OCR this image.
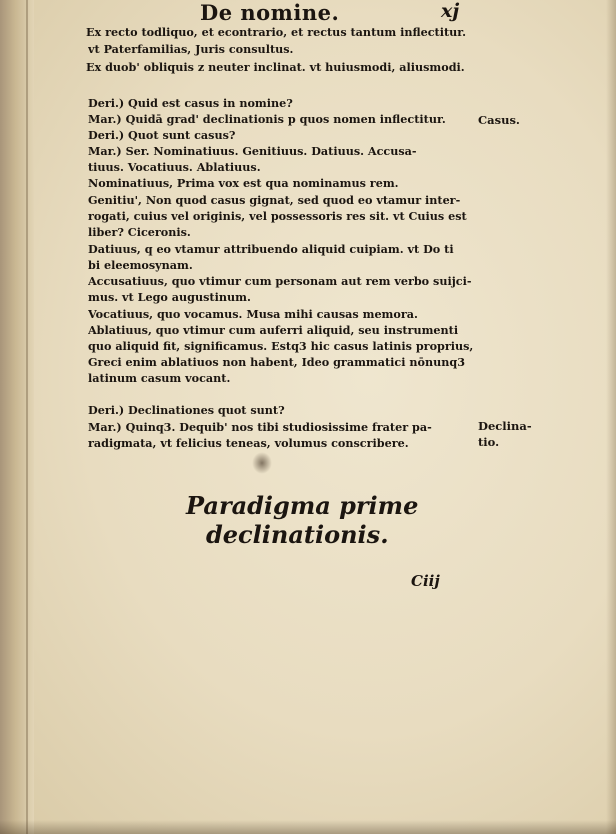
De nomine.	xj
Ex recto todliquo, et econtrario, et rectus tantum inflectitur.
vt Paterfamilias, Juris consultus.
Ex duob' obliquis z neuter inclinat. vt huiusmodi, aliusmodi.
Deri.) Quid est casus in nomine?
Mar.) Quidā grad' declinationis p quos nomen inflectitur.
Deri.) Quot sunt casus?
Mar.) Ser. Nominatiuus. Genitiuus. Datiuus. Accusa-
tiuus. Vocatiuus. Ablatiuus.
Nominatiuus, Prima vox est qua nominamus rem.
Genitiu', Non quod casus gignat, sed quod eo vtamur inter-
rogati, cuius vel originis, vel possessoris res sit. vt Cuius est
liber? Ciceronis.
Datiuus, q eo vtamur attribuendo aliquid cuipiam. vt Do ti
bi eleemosynam.
Accusatiuus, quo vtimur cum personam aut rem verbo suijci-
mus. vt Lego augustinum.
Vocatiuus, quo vocamus. Musa mihi causas memora.
Ablatiuus, quo vtimur cum auferri aliquid, seu instrumenti
quo aliquid fit, significamus. Estq3 hic casus latinis proprius,
Greci enim ablatiuos non habent, Ideo grammatici nōnunq3
latinum casum vocant.
Deri.) Declinationes quot sunt?
Mar.) Quinq3. Dequib' nos tibi studiosissime frater pa-
radigmata, vt felicius teneas, volumus conscribere.
Casus.
Declina-
tio.
Paradigma prime
declinationis.
Ciij
